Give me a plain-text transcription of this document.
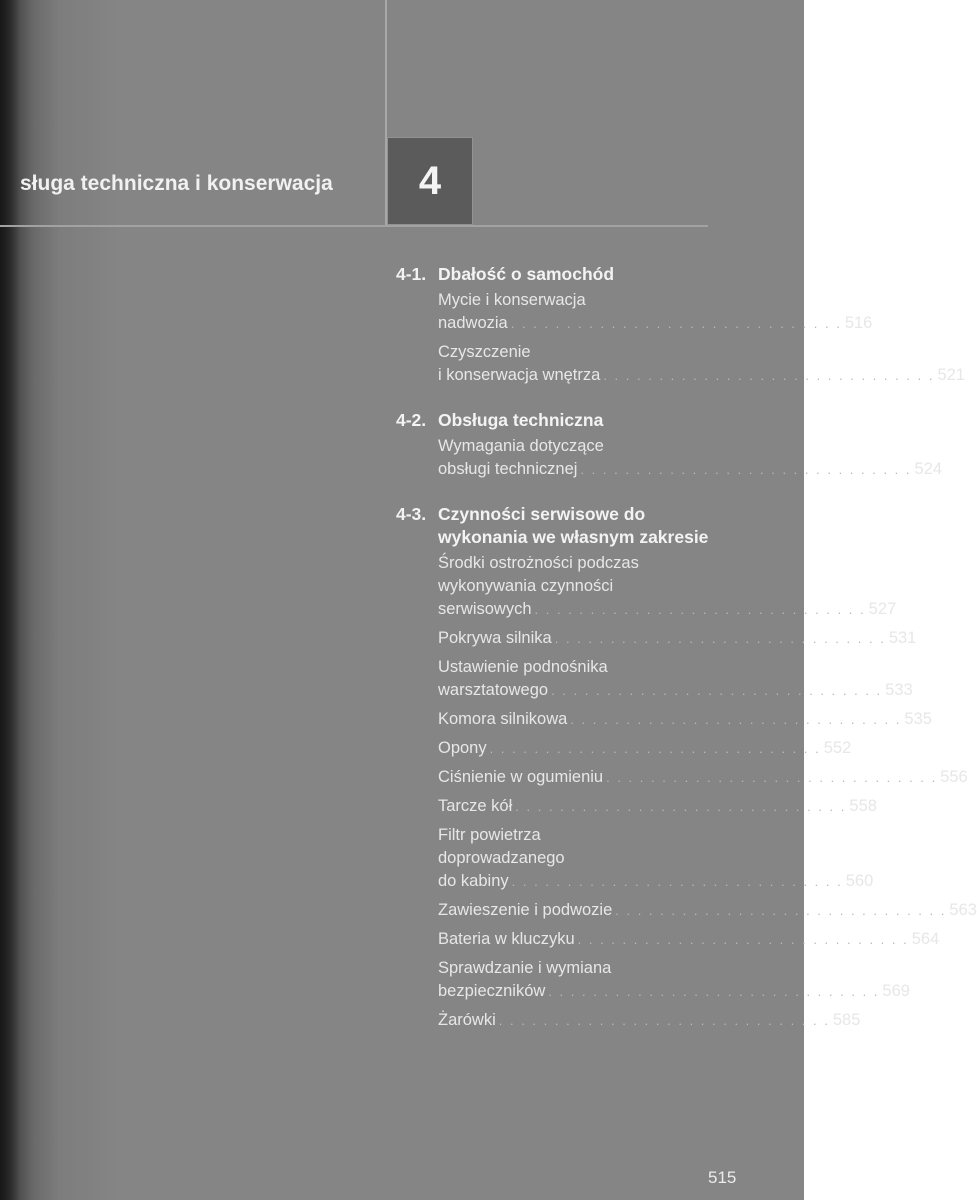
sługa techniczna i konserwacja 4
4-1. Dbałość o samochód
Mycie i konserwacja
nadwozia . . . . . . . . . . . . . . . . . . . . . . . . . . . . . . 516
Czyszczenie
i konserwacja wnętrza . . . . . . . . . . . . . . . . . . . . . . . . . . . . . . 521
4-2. Obsługa techniczna
Wymagania dotyczące
obsługi technicznej . . . . . . . . . . . . . . . . . . . . . . . . . . . . . . 524
4-3. Czynności serwisowe do wykonania we własnym zakresie
Środki ostrożności podczas
wykonywania czynności
serwisowych . . . . . . . . . . . . . . . . . . . . . . . . . . . . . . 527
Pokrywa silnika . . . . . . . . . . . . . . . . . . . . . . . . . . . . . . 531
Ustawienie podnośnika
warsztatowego . . . . . . . . . . . . . . . . . . . . . . . . . . . . . . 533
Komora silnikowa . . . . . . . . . . . . . . . . . . . . . . . . . . . . . . 535
Opony . . . . . . . . . . . . . . . . . . . . . . . . . . . . . . 552
Ciśnienie w ogumieniu . . . . . . . . . . . . . . . . . . . . . . . . . . . . . . 556
Tarcze kół . . . . . . . . . . . . . . . . . . . . . . . . . . . . . . 558
Filtr powietrza
doprowadzanego
do kabiny . . . . . . . . . . . . . . . . . . . . . . . . . . . . . . 560
Zawieszenie i podwozie . . . . . . . . . . . . . . . . . . . . . . . . . . . . . . 563
Bateria w kluczyku . . . . . . . . . . . . . . . . . . . . . . . . . . . . . . 564
Sprawdzanie i wymiana
bezpieczników . . . . . . . . . . . . . . . . . . . . . . . . . . . . . . 569
Żarówki . . . . . . . . . . . . . . . . . . . . . . . . . . . . . . 585
515
